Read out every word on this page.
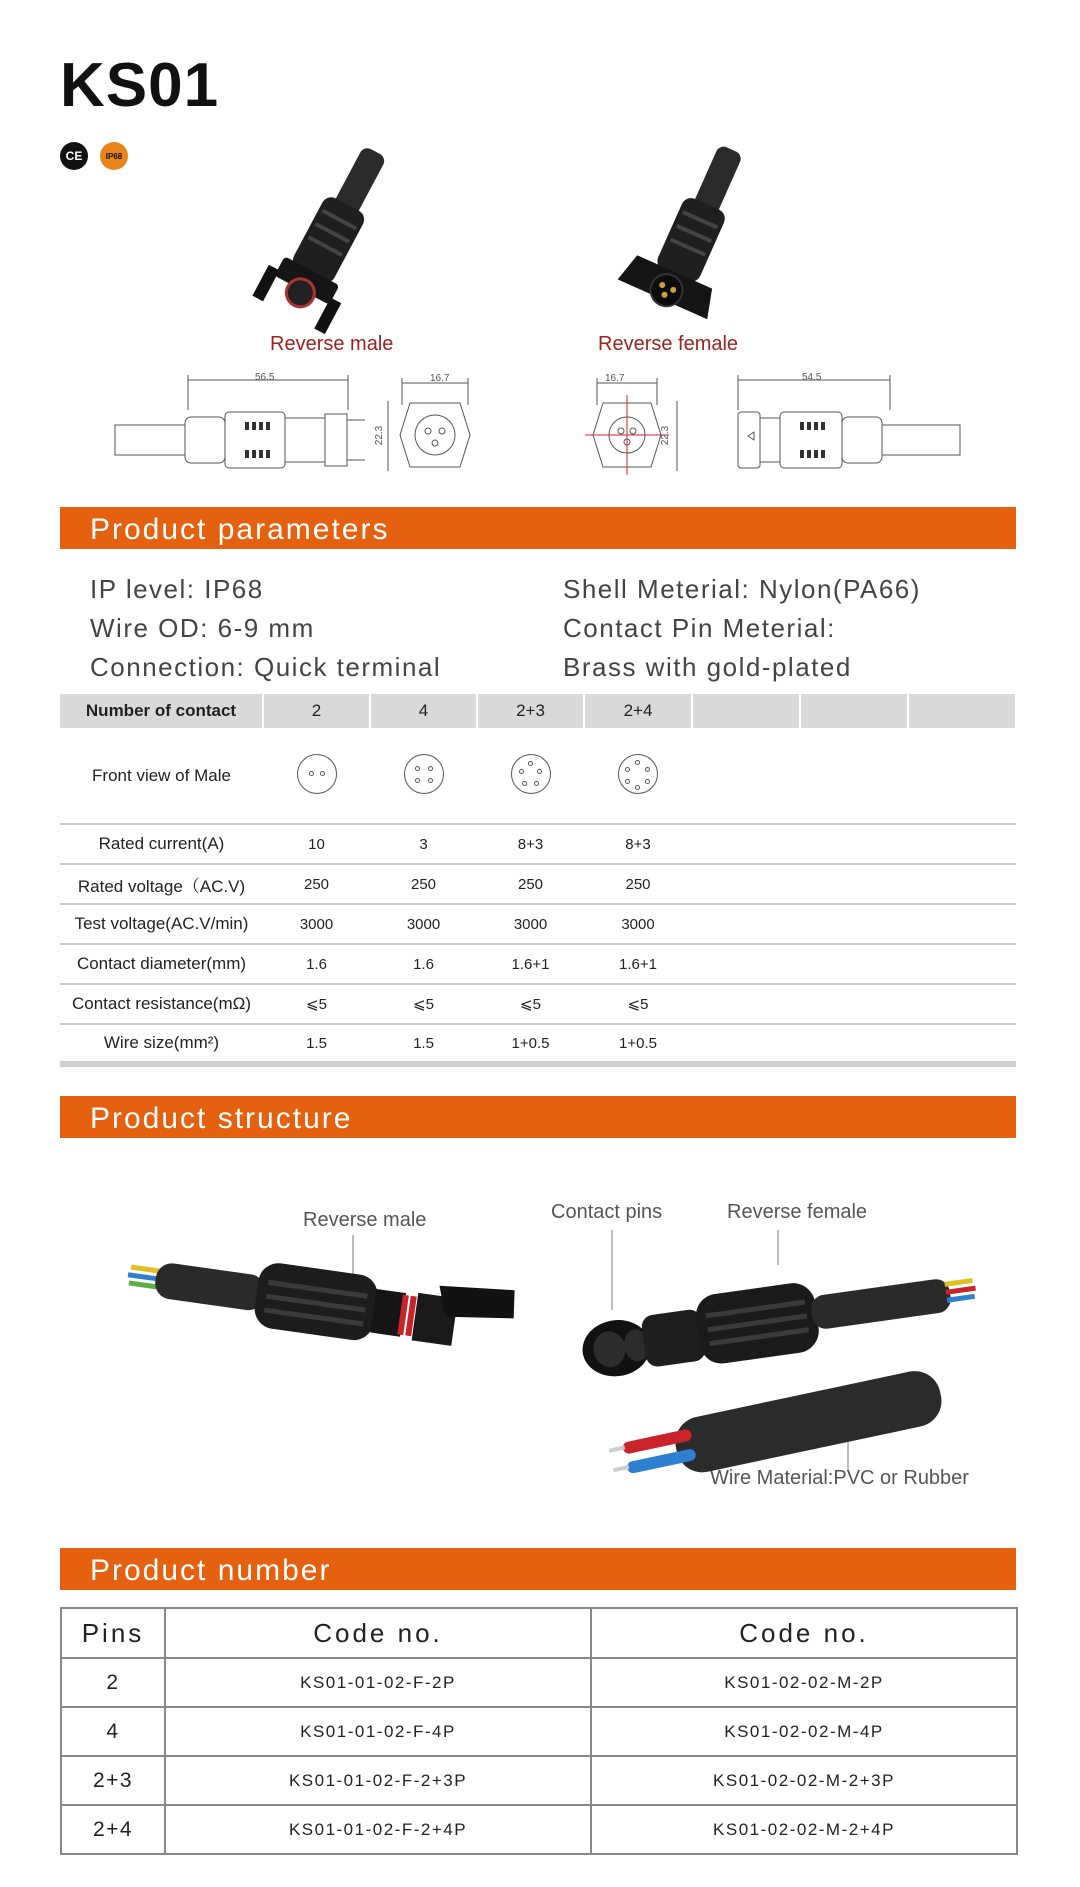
KS01
CE	IP68
Reverse male	Reverse female
56.5	16.7
22.3
16.7
22.3
54.5
Product parameters
IP level: IP68
Wire OD: 6-9 mm
Connection: Quick terminal
Shell Meterial: Nylon(PA66)
Contact Pin Meterial:
Brass with gold-plated
Number of contact	2	4	2+3	2+4			
Front view of Male	

Rated current(A)	10	3	8+3	8+3			
Rated voltage（AC.V)	250	250	250	250			
Test voltage(AC.V/min)	3000	3000	3000	3000			
Contact diameter(mm)	1.6	1.6	1.6+1	1.6+1			
Contact resistance(mΩ)	⩽5	⩽5	⩽5	⩽5			
Wire size(mm²)	1.5	1.5	1+0.5	1+0.5			
Product structure
Reverse male	Contact pins	Reverse female
Wire Material:PVC or Rubber
Product number
Pins	Code no.	Code no.
2	KS01-01-02-F-2P	KS01-02-02-M-2P
4	KS01-01-02-F-4P	KS01-02-02-M-4P
2+3	KS01-01-02-F-2+3P	KS01-02-02-M-2+3P
2+4	KS01-01-02-F-2+4P	KS01-02-02-M-2+4P
